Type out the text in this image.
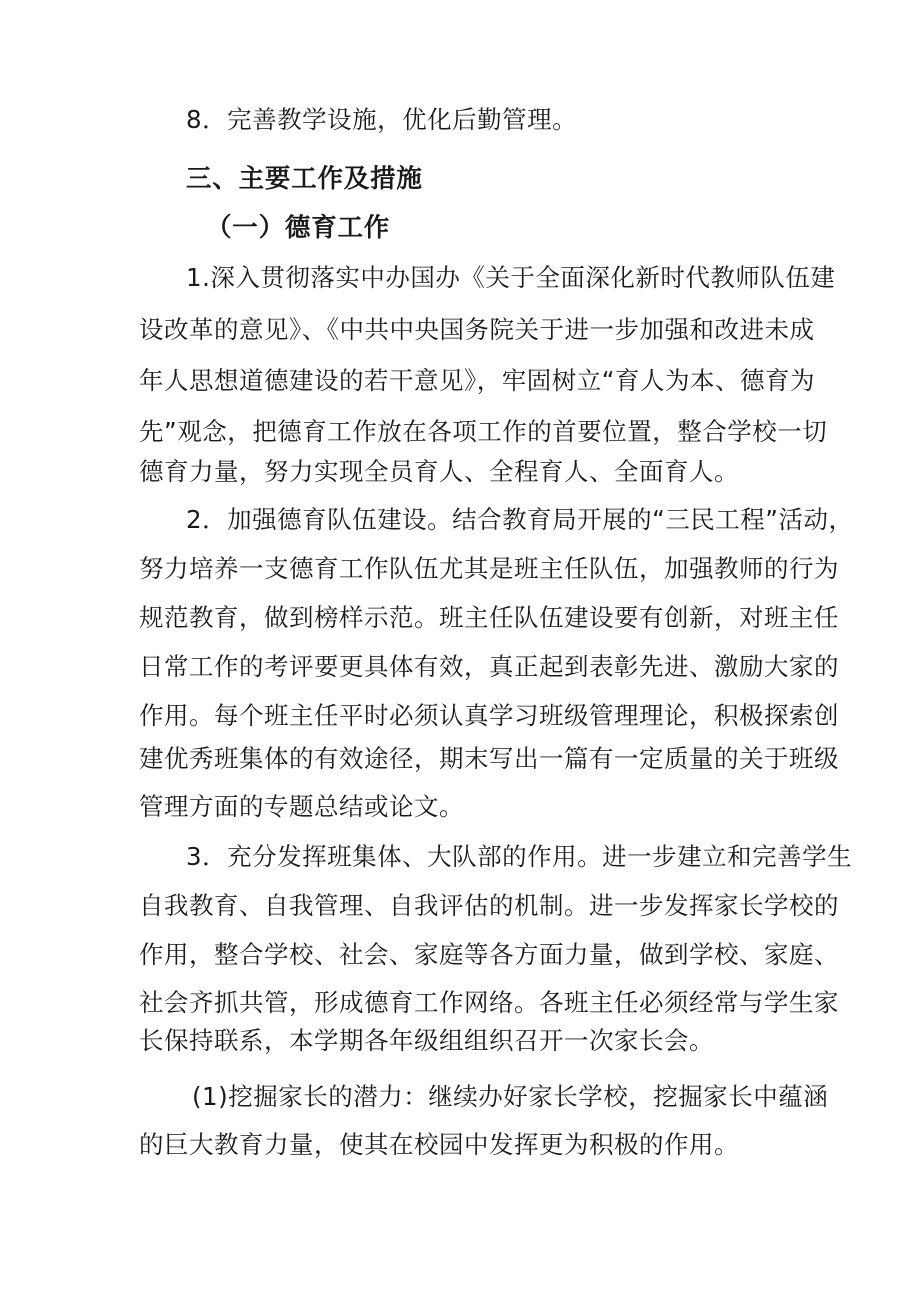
8．完善教学设施，优化后勤管理。
三、主要工作及措施
（一）德育工作
1.深入贯彻落实中办国办《关于全面深化新时代教师队伍建
设改革的意见》、《中共中央国务院关于进一步加强和改进未成
年人思想道德建设的若干意见》，牢固树立“育人为本、德育为
先”观念，把德育工作放在各项工作的首要位置，整合学校一切
德育力量，努力实现全员育人、全程育人、全面育人。
2．加强德育队伍建设。结合教育局开展的“三民工程”活动，
努力培养一支德育工作队伍尤其是班主任队伍，加强教师的行为
规范教育，做到榜样示范。班主任队伍建设要有创新，对班主任
日常工作的考评要更具体有效，真正起到表彰先进、激励大家的
作用。每个班主任平时必须认真学习班级管理理论，积极探索创
建优秀班集体的有效途径，期末写出一篇有一定质量的关于班级
管理方面的专题总结或论文。
3．充分发挥班集体、大队部的作用。进一步建立和完善学生
自我教育、自我管理、自我评估的机制。进一步发挥家长学校的
作用，整合学校、社会、家庭等各方面力量，做到学校、家庭、
社会齐抓共管，形成德育工作网络。各班主任必须经常与学生家
长保持联系，本学期各年级组组织召开一次家长会。
(1)挖掘家长的潜力：继续办好家长学校，挖掘家长中蕴涵
的巨大教育力量，使其在校园中发挥更为积极的作用。
